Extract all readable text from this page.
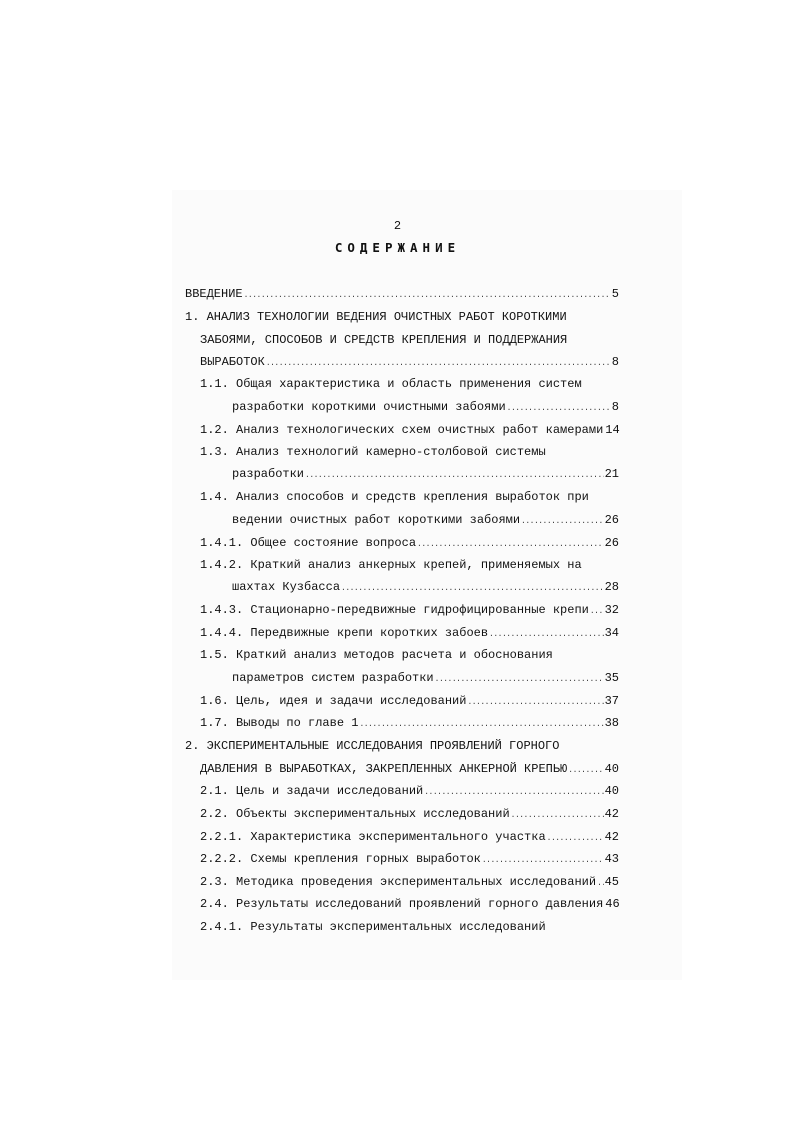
2
СОДЕРЖАНИЕ
ВВЕДЕНИЕ .....	5
1. АНАЛИЗ ТЕХНОЛОГИИ ВЕДЕНИЯ ОЧИСТНЫХ РАБОТ КОРОТКИМИ
ЗАБОЯМИ, СПОСОБОВ И СРЕДСТВ КРЕПЛЕНИЯ И ПОДДЕРЖАНИЯ
ВЫРАБОТОК .....	8
1.1. Общая характеристика и область применения систем
разработки короткими очистными забоями .....	8
1.2. Анализ технологических схем очистных работ камерами 14
1.3. Анализ технологий камерно-столбовой системы
разработки .....	21
1.4. Анализ способов и средств крепления выработок при
ведении очистных работ короткими забоями .....	26
1.4.1. Общее состояние вопроса .....	26
1.4.2. Краткий анализ анкерных крепей, применяемых на
шахтах Кузбасса .....	28
1.4.3. Стационарно-передвижные гидрофицированные крепи ..... 32
1.4.4. Передвижные крепи коротких забоев .....	34
1.5. Краткий анализ методов расчета и обоснования
параметров систем разработки .....	35
1.6. Цель, идея и задачи исследований .....	37
1.7. Выводы по главе 1 .....	38
2. ЭКСПЕРИМЕНТАЛЬНЫЕ ИССЛЕДОВАНИЯ ПРОЯВЛЕНИЙ ГОРНОГО
ДАВЛЕНИЯ В ВЫРАБОТКАХ, ЗАКРЕПЛЕННЫХ АНКЕРНОЙ КРЕПЬЮ .....	40
2.1. Цель и задачи исследований .....	40
2.2. Объекты экспериментальных исследований .....	42
2.2.1. Характеристика экспериментального участка .....	42
2.2.2. Схемы крепления горных выработок .....	43
2.3. Методика проведения экспериментальных исследований ..... 45
2.4. Результаты исследований проявлений горного давления 46
2.4.1. Результаты экспериментальных исследований
